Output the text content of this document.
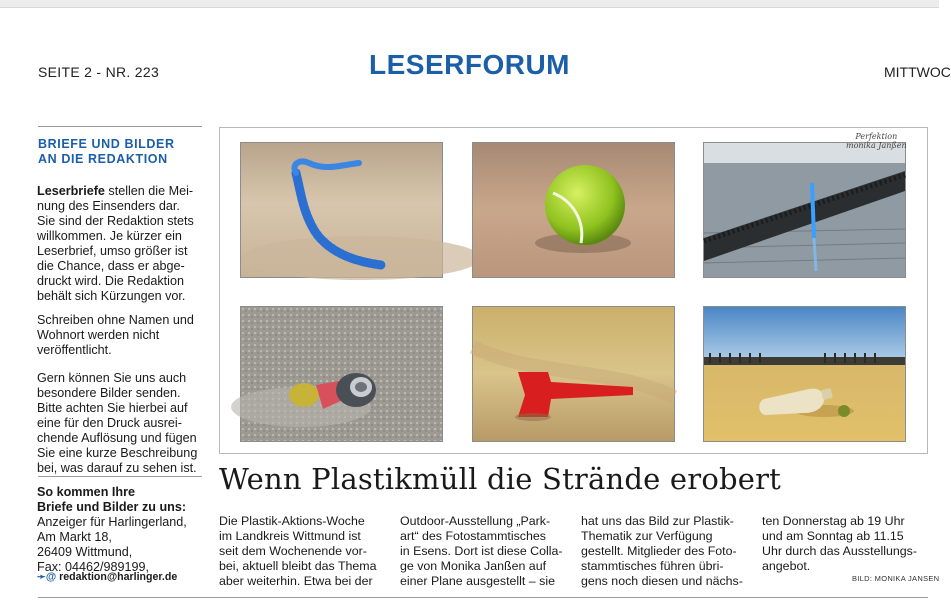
SEITE 2 - NR. 223	LESERFORUM	MITTWOC
BRIEFE UND BILDER
AN DIE REDAKTION
Leserbriefe stellen die Mei-
nung des Einsenders dar.
Sie sind der Redaktion stets
willkommen. Je kürzer ein
Leserbrief, umso größer ist
die Chance, dass er abge-
druckt wird. Die Redaktion
behält sich Kürzungen vor.
Schreiben ohne Namen und
Wohnort werden nicht
veröffentlicht.
Gern können Sie uns auch
besondere Bilder senden.
Bitte achten Sie hierbei auf
eine für den Druck ausrei-
chende Auflösung und fügen
Sie eine kurze Beschreibung
bei, was darauf zu sehen ist.
So kommen Ihre
Briefe und Bilder zu uns:
Anzeiger für Harlingerland,
Am Markt 18,
26409 Wittmund,
Fax: 04462/989199,
➛@ redaktion@harlinger.de
Perfektion
monika Janßen
Wenn Plastikmüll die Strände erobert
Die Plastik-Aktions-Woche
im Landkreis Wittmund ist
seit dem Wochenende vor-
bei, aktuell bleibt das Thema
aber weiterhin. Etwa bei der
Outdoor-Ausstellung „Park-
art“ des Fotostammtisches
in Esens. Dort ist diese Colla-
ge von Monika Janßen auf
einer Plane ausgestellt – sie
hat uns das Bild zur Plastik-
Thematik zur Verfügung
gestellt. Mitglieder des Foto-
stammtisches führen übri-
gens noch diesen und nächs-
ten Donnerstag ab 19 Uhr
und am Sonntag ab 11.15
Uhr durch das Ausstellungs-
angebot.
BILD: MONIKA JANSEN
